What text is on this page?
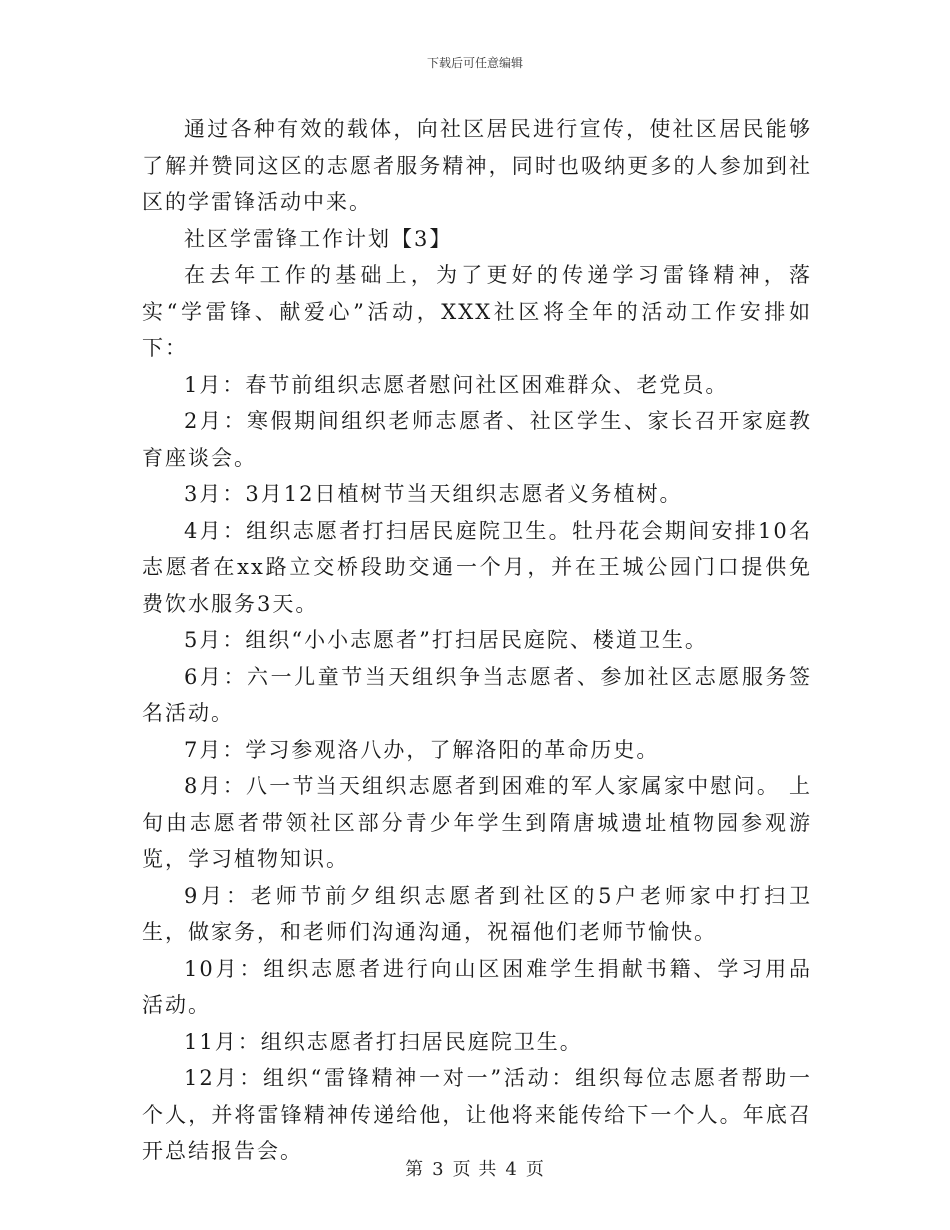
下载后可任意编辑

通过各种有效的载体，向社区居民进行宣传，使社区居民能够了解并赞同这区的志愿者服务精神，同时也吸纳更多的人参加到社区的学雷锋活动中来。

社区学雷锋工作计划【3】

在去年工作的基础上，为了更好的传递学习雷锋精神，落实“学雷锋、献爱心”活动，XXX社区将全年的活动工作安排如下：

1月：春节前组织志愿者慰问社区困难群众、老党员。

2月：寒假期间组织老师志愿者、社区学生、家长召开家庭教育座谈会。

3月：3月12日植树节当天组织志愿者义务植树。

4月：组织志愿者打扫居民庭院卫生。牡丹花会期间安排10名志愿者在xx路立交桥段助交通一个月，并在王城公园门口提供免费饮水服务3天。

5月：组织“小小志愿者”打扫居民庭院、楼道卫生。

6月：六一儿童节当天组织争当志愿者、参加社区志愿服务签名活动。

7月：学习参观洛八办，了解洛阳的革命历史。

8月：八一节当天组织志愿者到困难的军人家属家中慰问。 上旬由志愿者带领社区部分青少年学生到隋唐城遗址植物园参观游览，学习植物知识。

9月：老师节前夕组织志愿者到社区的5户老师家中打扫卫生，做家务，和老师们沟通沟通，祝福他们老师节愉快。

10月：组织志愿者进行向山区困难学生捐献书籍、学习用品活动。

11月：组织志愿者打扫居民庭院卫生。

12月：组织“雷锋精神一对一”活动：组织每位志愿者帮助一个人，并将雷锋精神传递给他，让他将来能传给下一个人。年底召开总结报告会。

第 3 页 共 4 页
